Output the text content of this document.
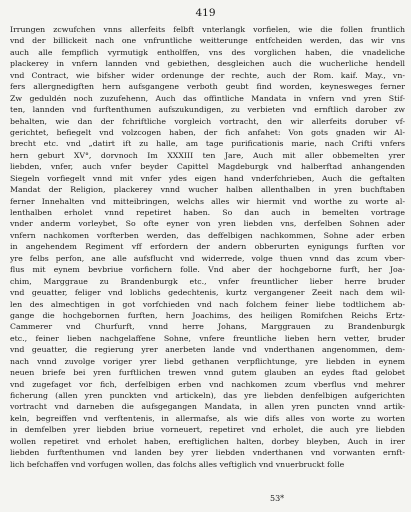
419
Irrungen zcwufchen vnns allerfeits felbft vnterlangk vorfielen, wie die follen fruntlich
vnd der billickeit nach one vnfruntliche weitterunge entfcheiden werden, das wir vns
auch alle fempflich vyrmutigk entholffen, vns des vorglichen haben, die vnadeliche
plackerey in vnfern lannden vnd gebiethen, desgleichen auch die wucherliche hendell
vnd Contract, wie bifsher wider ordenunge der rechte, auch der Rom. kaif. May., vn-
fers allergnedigften hern aufsgangene verboth geubt find worden, keynesweges ferner
Zw geduldén noch zuzufehenn, Auch das offintliche Mandata in vnfern vnd yren Stif-
ten, lannden vnd furftenthumen aufszukundigen, zu verbieten vnd ernftlich darober zw
behalten, wie dan der fchriftliche vorgleich vortracht, den wir allerfeits doruber vf-
gerichtet, befiegelt vnd volzcogen haben, der fich anfahet: Von gots gnaden wir Al-
brecht etc. vnd „datirt ift zu halle, am tage purificationis marie, nach Crifti vnfers
hern geburt XV°, dorvnoch Im XXXIII ten Jare, Auch mit aller obbemelten yrer
liebden, vnfer, auch vnfer beyder Capittel Magdeburgk vnd halberftad anhangenden
Siegeln vorfiegelt vnnd mit vnfer ydes eigen hand vnderfchrieben, Auch die geftalten
Mandat der Religion, plackerey vnnd wucher halben allenthalben in yren buchftaben
ferner Innehalten vnd mitteibringen, welchs alles wir hiermit vnd worthe zu worte al-
lenthalben erholet vnnd repetiret haben. So dan auch in bemelten vortrage
vnder anderm vorleybet, So ofte eyner von yren liebden vns, derfelben Sohnen ader
vnfern nachkomen vorfterben werden, das deffelbigen nachkommen, Sohne ader erben
in angehendem Regiment vff erfordern der andern obberurten eynigungs furften vor
yre felbs perfon, ane alle aufsflucht vnd widerrede, volge thuen vnnd das zcum vber-
flus mit eynem bevbriue vorfichern folle. Vnd aber der hochgeborne furft, her Joa-
chim, Marggraue zu Brandenburgk etc., vnfer freuntlicher lieber herre bruder
vnd geuatter, feliger vnd loblichs gedechtenis, kurtz vergangener Zeeit nach dem wil-
len des almechtigen in got vorfchieden vnd nach folchem feiner liebe todtlichem ab-
gange die hochgebornen furften, hern Joachims, des heiligen Romifchen Reichs Ertz-
Cammerer vnd Churfurft, vnnd herre Johans, Marggrauen zu Brandenburgk
etc., feiner lieben nachgelaffene Sohne, vnfere freuntliche lieben hern vetter, bruder
vnd geuatter, die regierung yrer anerbeten lande vnd vnderthanen angenommen, dem-
nach vnnd zuvolge voriger yrer liebd gethanen verpflichtunge, yre liebden in eynem
neuen briefe bei yren furftlichen trewen vnnd gutem glauben an eydes ftad gelobet
vnd zugefaget vor fich, derfelbigen erben vnd nachkomen zcum vberflus vnd mehrer
ficherung (allen yren punckten vnd artickeln), das yre liebden denfelbigen aufgerichten
vortracht vnd darneben die aufsgegangen Mandata, in allen yren puncten vnnd artik-
keln, begreiffen vnd verftentenis, in allermafse, als wie difs alles von worte zu worten
in demfelben yrer liebden briue vorneuert, repetiret vnd erholet, die auch yre liebden
wollen repetiret vnd erholet haben, ereftiglichen halten, dorbey bleyben, Auch in irer
liebden furftenthumen vnd landen bey yrer liebden vnderthanen vnd vorwanten ernft-
lich befchaffen vnd vorfugen wollen, das folchs alles veftiglich vnd vnuerbruckt folle
53*
